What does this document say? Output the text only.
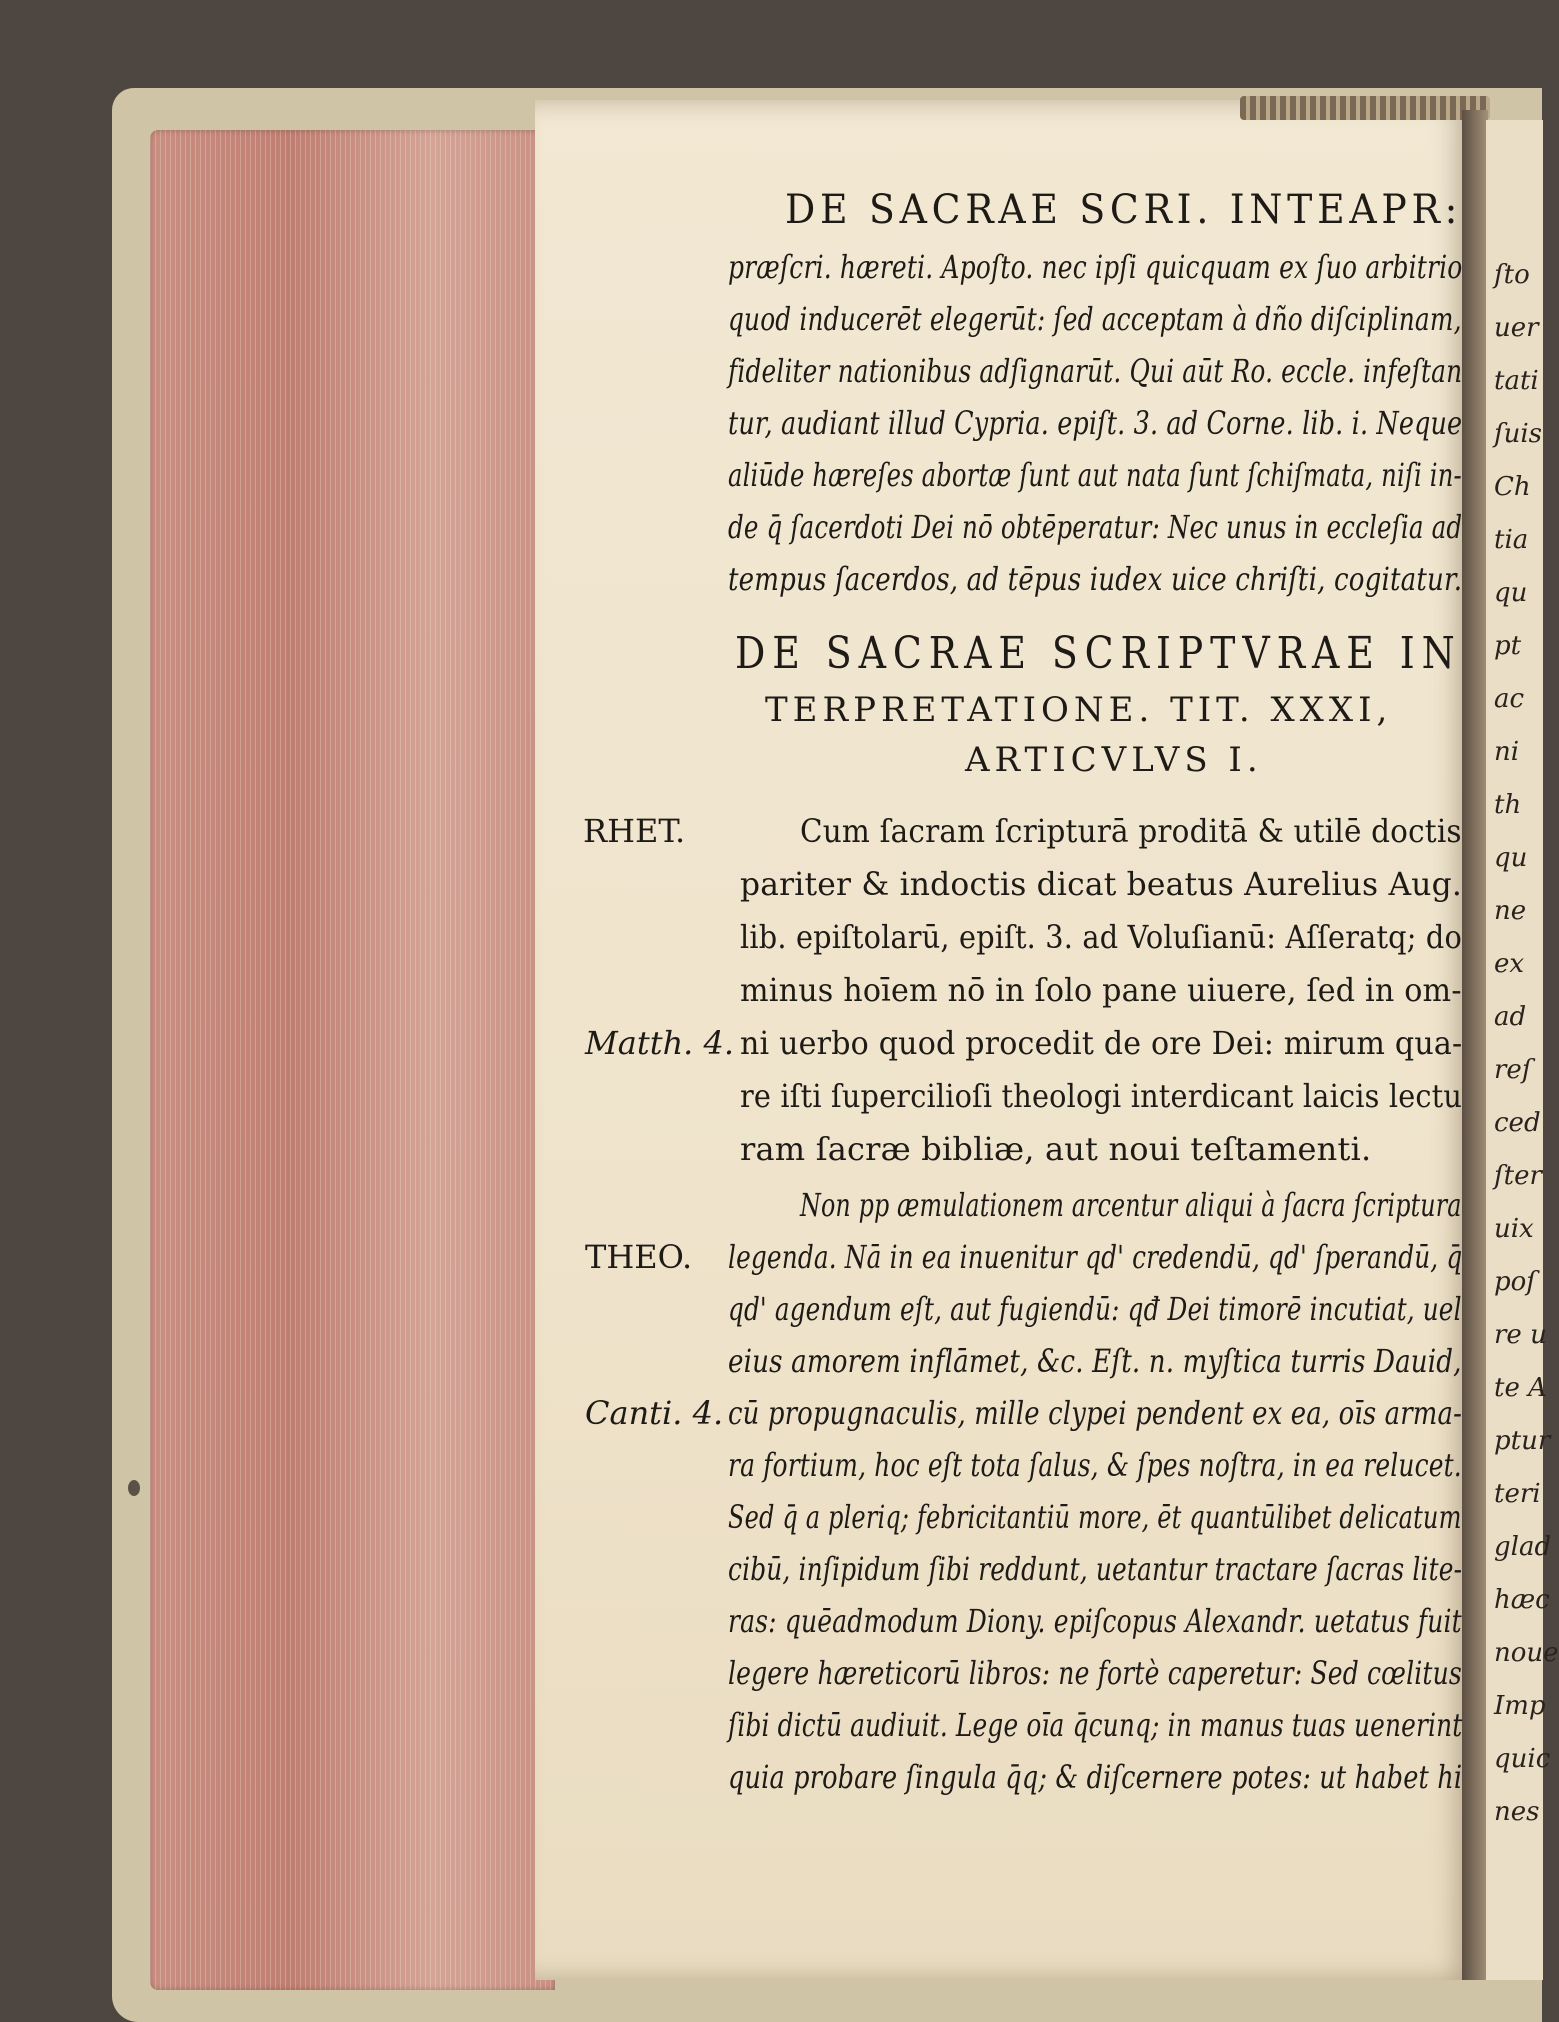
ſto
uer
tati
ſuis
Ch
tia
qu
pt
ac
ni
th
qu
ne
ex
ad
reſ
ced
ſter
uix
poſ
re u
te A
ptur
teri
glad
hæc
noue
Imp
quic
nes
DE SACRAE SCRI. INTEAPR:
præſcri. hæreti. Apoſto. nec ipſi quicquam ex ſuo arbitrio
quod inducerēt elegerūt: ſed acceptam à dño diſciplinam,
fideliter nationibus adſignarūt. Qui aūt Ro. eccle. infeſtan
tur, audiant illud Cypria. epiſt. 3. ad Corne. lib. i. Neque
aliūde hæreſes abortæ ſunt aut nata ſunt ſchiſmata, niſi in-
de q̄ ſacerdoti Dei nō obtēperatur: Nec unus in eccleſia ad
tempus ſacerdos, ad tēpus iudex uice chriſti, cogitatur.
DE SACRAE SCRIPTVRAE IN
TERPRETATIONE. TIT. XXXI,
ARTICVLVS I.
Cum ſacram ſcripturā proditā & utilē doctis
pariter & indoctis dicat beatus Aurelius Aug.
lib. epiſtolarū, epiſt. 3. ad Voluſianū: Aſſeratq; do
minus hoīem nō in ſolo pane uiuere, ſed in om-
ni uerbo quod procedit de ore Dei: mirum qua-
re iſti ſupercilioſi theologi interdicant laicis lectu
ram ſacræ bibliæ, aut noui teſtamenti.
Non pp æmulationem arcentur aliqui à ſacra ſcriptura
legenda. Nā in ea inuenitur qd' credendū, qd' ſperandū, q̄
qd' agendum eſt, aut fugiendū: qđ Dei timorē incutiat, uel
eius amorem inflāmet, &c. Eſt. n. myſtica turris Dauid,
cū propugnaculis, mille clypei pendent ex ea, oīs arma-
ra fortium, hoc eſt tota ſalus, & ſpes noſtra, in ea relucet.
Sed q̄ a pleriq; febricitantiū more, ēt quantūlibet delicatum
cibū, inſipidum ſibi reddunt, uetantur tractare ſacras lite-
ras: quēadmodum Diony. epiſcopus Alexandr. uetatus fuit
legere hæreticorū libros: ne fortè caperetur: Sed cœlitus
ſibi dictū audiuit. Lege oīa q̄cunq; in manus tuas uenerint
quia probare ſingula q̄q; & diſcernere potes: ut habet hi
RHET.
Matth. 4.
THEO.
Canti. 4.
